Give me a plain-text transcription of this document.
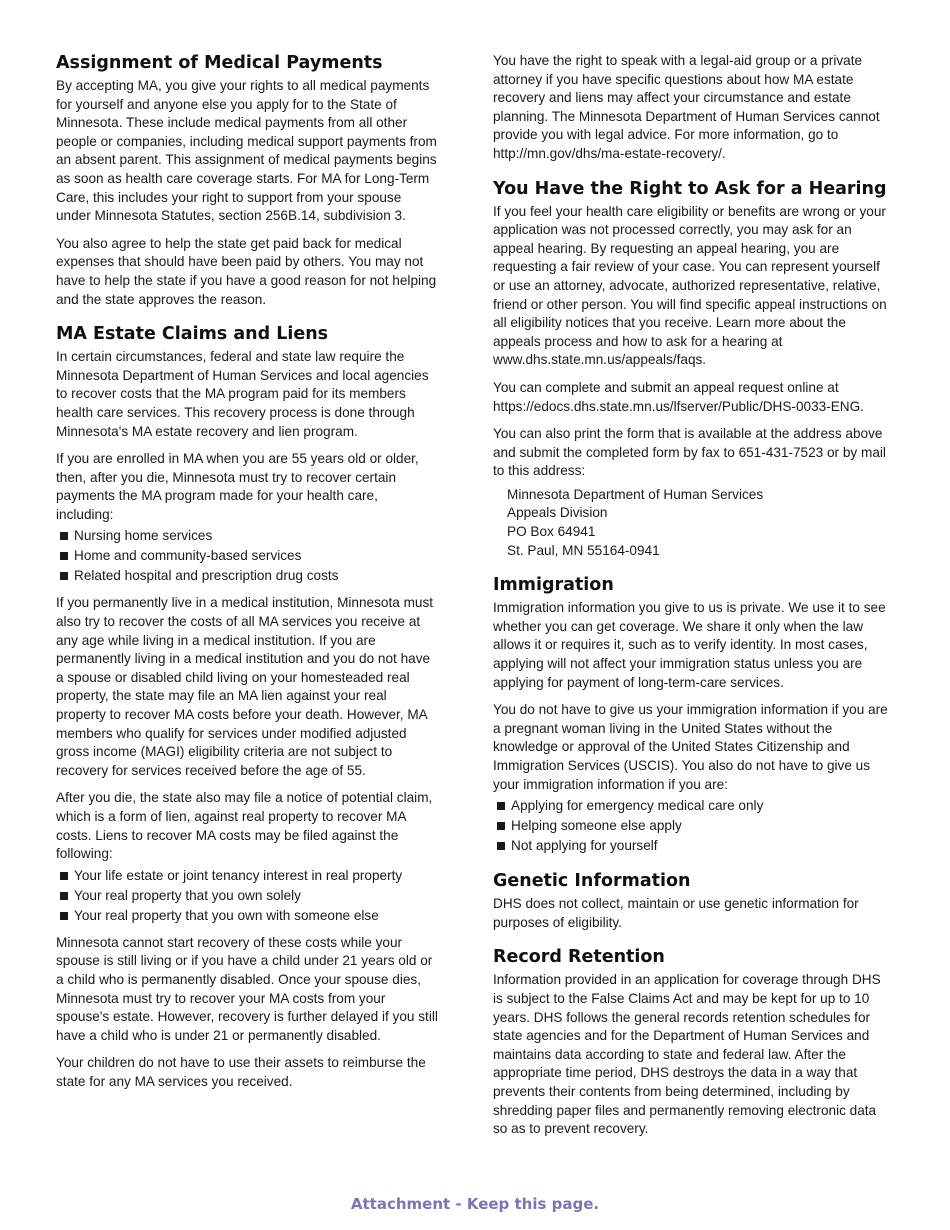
Assignment of Medical Payments

By accepting MA, you give your rights to all medical payments for yourself and anyone else you apply for to the State of Minnesota. These include medical payments from all other people or companies, including medical support payments from an absent parent. This assignment of medical payments begins as soon as health care coverage starts. For MA for Long-Term Care, this includes your right to support from your spouse under Minnesota Statutes, section 256B.14, subdivision 3.

You also agree to help the state get paid back for medical expenses that should have been paid by others. You may not have to help the state if you have a good reason for not helping and the state approves the reason.

MA Estate Claims and Liens

In certain circumstances, federal and state law require the Minnesota Department of Human Services and local agencies to recover costs that the MA program paid for its members health care services. This recovery process is done through Minnesota's MA estate recovery and lien program.

If you are enrolled in MA when you are 55 years old or older, then, after you die, Minnesota must try to recover certain payments the MA program made for your health care, including:

Nursing home services
Home and community-based services
Related hospital and prescription drug costs

If you permanently live in a medical institution, Minnesota must also try to recover the costs of all MA services you receive at any age while living in a medical institution. If you are permanently living in a medical institution and you do not have a spouse or disabled child living on your homesteaded real property, the state may file an MA lien against your real property to recover MA costs before your death. However, MA members who qualify for services under modified adjusted gross income (MAGI) eligibility criteria are not subject to recovery for services received before the age of 55.

After you die, the state also may file a notice of potential claim, which is a form of lien, against real property to recover MA costs. Liens to recover MA costs may be filed against the following:

Your life estate or joint tenancy interest in real property
Your real property that you own solely
Your real property that you own with someone else

Minnesota cannot start recovery of these costs while your spouse is still living or if you have a child under 21 years old or a child who is permanently disabled. Once your spouse dies, Minnesota must try to recover your MA costs from your spouse's estate. However, recovery is further delayed if you still have a child who is under 21 or permanently disabled.

Your children do not have to use their assets to reimburse the state for any MA services you received.

You have the right to speak with a legal-aid group or a private attorney if you have specific questions about how MA estate recovery and liens may affect your circumstance and estate planning. The Minnesota Department of Human Services cannot provide you with legal advice. For more information, go to http://mn.gov/dhs/ma-estate-recovery/.

You Have the Right to Ask for a Hearing

If you feel your health care eligibility or benefits are wrong or your application was not processed correctly, you may ask for an appeal hearing. By requesting an appeal hearing, you are requesting a fair review of your case. You can represent yourself or use an attorney, advocate, authorized representative, relative, friend or other person. You will find specific appeal instructions on all eligibility notices that you receive. Learn more about the appeals process and how to ask for a hearing at www.dhs.state.mn.us/appeals/faqs.

You can complete and submit an appeal request online at https://edocs.dhs.state.mn.us/lfserver/Public/DHS-0033-ENG.

You can also print the form that is available at the address above and submit the completed form by fax to 651-431-7523 or by mail to this address:

Minnesota Department of Human Services
Appeals Division
PO Box 64941
St. Paul, MN 55164-0941
Immigration

Immigration information you give to us is private. We use it to see whether you can get coverage. We share it only when the law allows it or requires it, such as to verify identity. In most cases, applying will not affect your immigration status unless you are applying for payment of long-term-care services.

You do not have to give us your immigration information if you are a pregnant woman living in the United States without the knowledge or approval of the United States Citizenship and Immigration Services (USCIS). You also do not have to give us your immigration information if you are:

Applying for emergency medical care only
Helping someone else apply
Not applying for yourself
Genetic Information

DHS does not collect, maintain or use genetic information for purposes of eligibility.

Record Retention

Information provided in an application for coverage through DHS is subject to the False Claims Act and may be kept for up to 10 years. DHS follows the general records retention schedules for state agencies and for the Department of Human Services and maintains data according to state and federal law. After the appropriate time period, DHS destroys the data in a way that prevents their contents from being determined, including by shredding paper files and permanently removing electronic data so as to prevent recovery.

Attachment - Keep this page.
